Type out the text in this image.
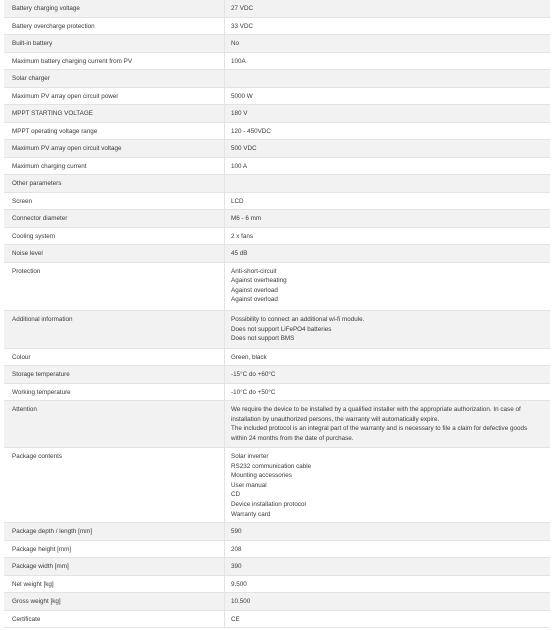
Battery charging voltage	27 VDC
Battery overcharge protection	33 VDC
Built-in battery	No
Maximum battery charging current from PV	100A
Solar charger
Maximum PV array open circuit power	5000 W
MPPT STARTING VOLTAGE	180 V
MPPT operating voltage range	120 - 450VDC
Maximum PV array open circuit voltage	500 VDC
Maximum charging current	100 A
Other parameters
Screen	LCD
Connector diameter	M6 - 6 mm
Cooling system	2 x fans
Noise level	45 dB
Protection	Anti-short-circuit
Against overheating
Against overload
Against overload
Additional information	Possibility to connect an additional wi-fi module.
Does not support LiFePO4 batteries
Does not support BMS
Colour	Green, black
Storage temperature	-15°C do +60°C
Working temperature	-10°C do +50°C
Attention	We require the device to be installed by a qualified installer with the appropriate authorization. In case of
installation by unauthorized persons, the warranty will automatically expire.
The included protocol is an integral part of the warranty and is necessary to file a claim for defective goods
within 24 months from the date of purchase.
Package contents	Solar inverter
RS232 communication cable
Mounting accessories
User manual
CD
Device installation protocol
Warranty card
Package depth / length [mm]	590
Package height [mm]	208
Package width [mm]	390
Net weight [kg]	9.500
Gross weight [kg]	10.500
Certificate	CE
